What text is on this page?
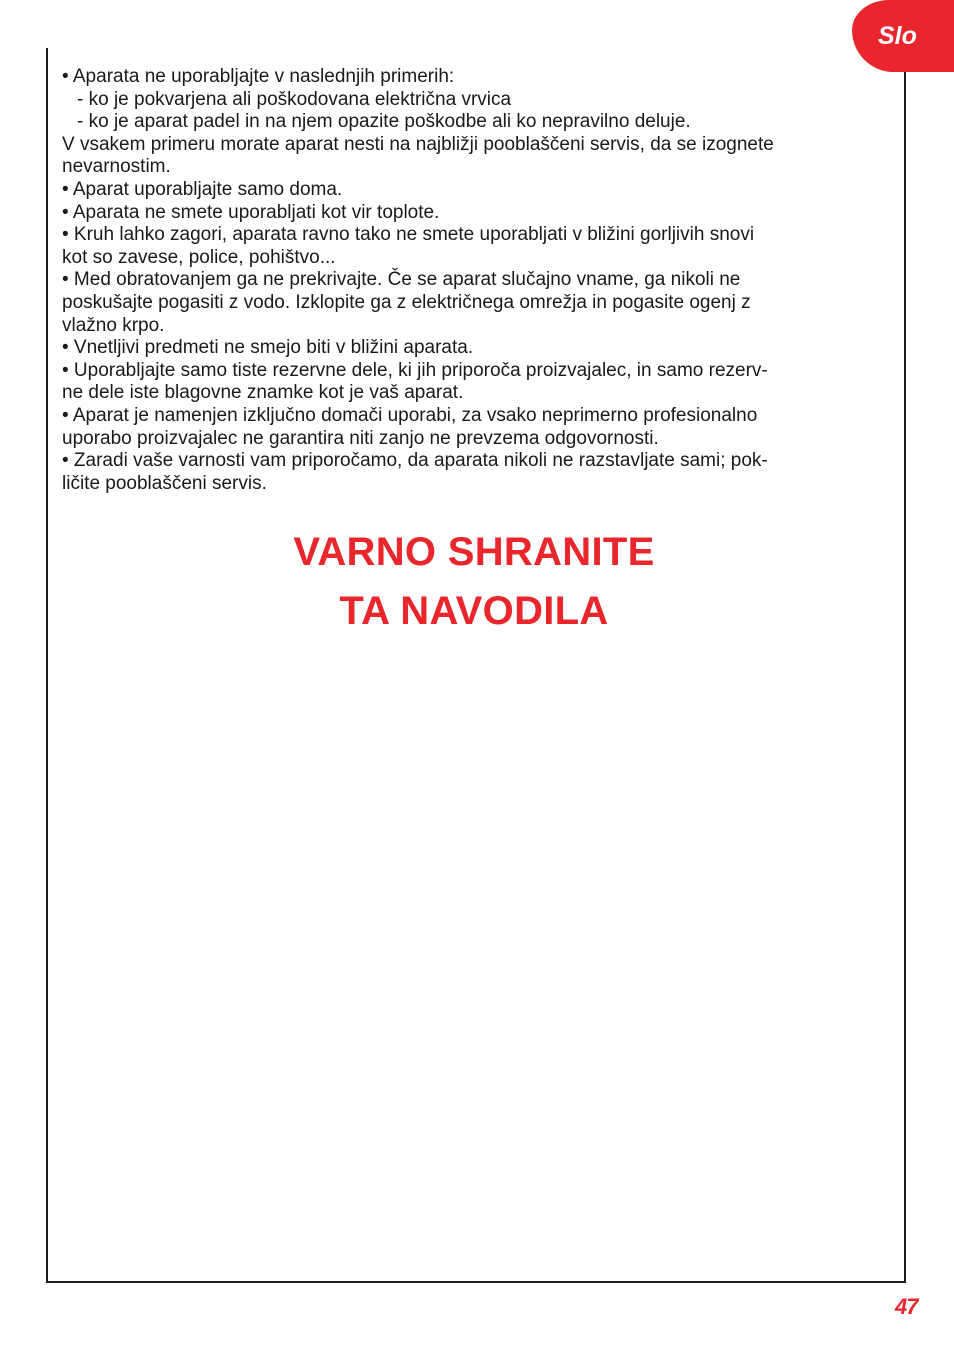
Slo
• Aparata ne uporabljajte v naslednjih primerih:
- ko je pokvarjena ali poškodovana električna vrvica
- ko je aparat padel in na njem opazite poškodbe ali ko nepravilno deluje.
V vsakem primeru morate aparat nesti na najbližji pooblaščeni servis, da se izognete
nevarnostim.
• Aparat uporabljajte samo doma.
• Aparata ne smete uporabljati kot vir toplote.
• Kruh lahko zagori, aparata ravno tako ne smete uporabljati v bližini gorljivih snovi
kot so zavese, police, pohištvo...
• Med obratovanjem ga ne prekrivajte. Če se aparat slučajno vname, ga nikoli ne
poskušajte pogasiti z vodo. Izklopite ga z električnega omrežja in pogasite ogenj z
vlažno krpo.
• Vnetljivi predmeti ne smejo biti v bližini aparata.
• Uporabljajte samo tiste rezervne dele, ki jih priporoča proizvajalec, in samo rezerv-
ne dele iste blagovne znamke kot je vaš aparat.
• Aparat je namenjen izključno domači uporabi, za vsako neprimerno profesionalno
uporabo proizvajalec ne garantira niti zanjo ne prevzema odgovornosti.
• Zaradi vaše varnosti vam priporočamo, da aparata nikoli ne razstavljate sami; pok-
ličite pooblaščeni servis.
VARNO SHRANITE
TA NAVODILA
47
